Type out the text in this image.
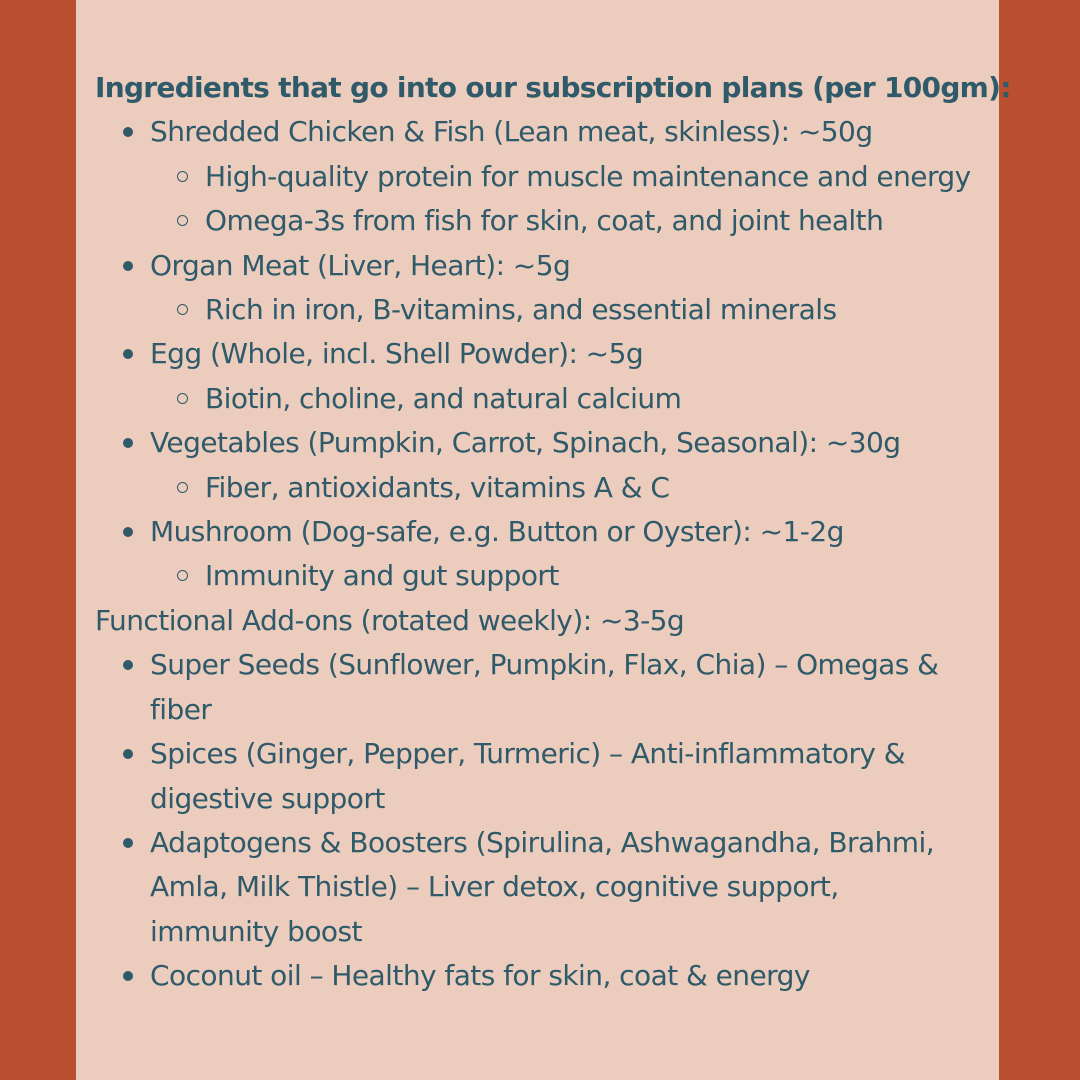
Ingredients that go into our subscription plans (per 100gm):

Shredded Chicken & Fish (Lean meat, skinless): ~50g
High-quality protein for muscle maintenance and energy
Omega-3s from fish for skin, coat, and joint health
Organ Meat (Liver, Heart): ~5g
Rich in iron, B-vitamins, and essential minerals
Egg (Whole, incl. Shell Powder): ~5g
Biotin, choline, and natural calcium
Vegetables (Pumpkin, Carrot, Spinach, Seasonal): ~30g
Fiber, antioxidants, vitamins A & C
Mushroom (Dog-safe, e.g. Button or Oyster): ~1-2g
Immunity and gut support

Functional Add-ons (rotated weekly): ~3-5g

Super Seeds (Sunflower, Pumpkin, Flax, Chia) – Omegas & fiber
Spices (Ginger, Pepper, Turmeric) – Anti-inflammatory & digestive support
Adaptogens & Boosters (Spirulina, Ashwagandha, Brahmi, Amla, Milk Thistle) – Liver detox, cognitive support, immunity boost
Coconut oil – Healthy fats for skin, coat & energy
